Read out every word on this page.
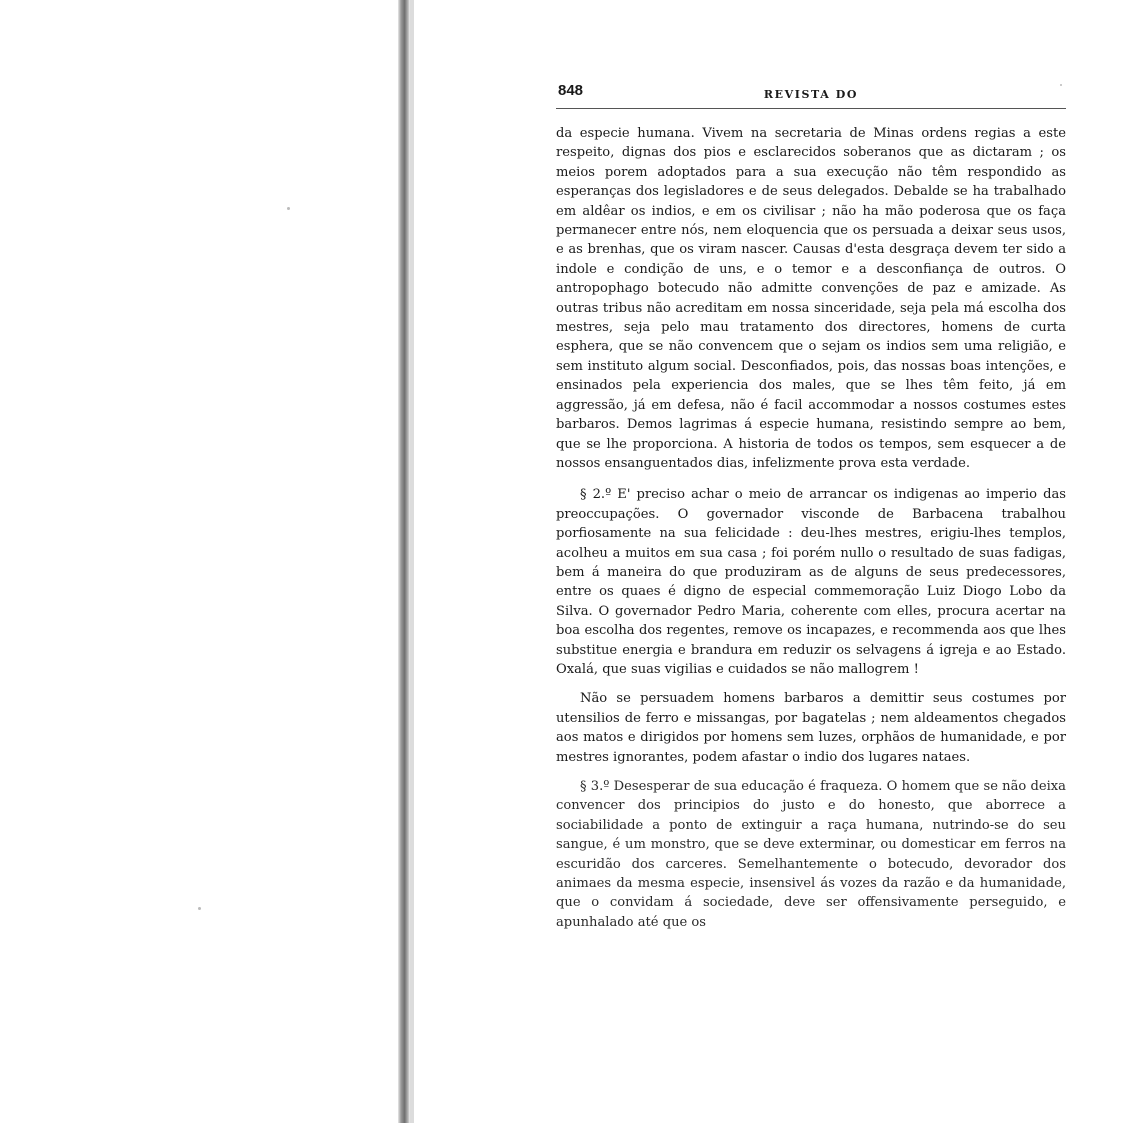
848	REVISTA DO

da especie humana. Vivem na secretaria de Minas ordens regias a este respeito, dignas dos pios e esclarecidos soberanos que as dictaram ; os meios porem adoptados para a sua execução não têm respondido as esperanças dos legisladores e de seus delegados. Debalde se ha trabalhado em aldêar os indios, e em os civilisar ; não ha mão poderosa que os faça permanecer entre nós, nem eloquencia que os persuada a deixar seus usos, e as brenhas, que os viram nascer. Causas d'esta desgraça devem ter sido a indole e condição de uns, e o temor e a desconfiança de outros. O antropophago botecudo não admitte convenções de paz e amizade. As outras tribus não acreditam em nossa sinceridade, seja pela má escolha dos mestres, seja pelo mau tratamento dos directores, homens de curta esphera, que se não convencem que o sejam os indios sem uma religião, e sem instituto algum social. Desconfiados, pois, das nossas boas intenções, e ensinados pela experiencia dos males, que se lhes têm feito, já em aggressão, já em defesa, não é facil accommodar a nossos costumes estes barbaros. Demos lagrimas á especie humana, resistindo sempre ao bem, que se lhe proporciona. A historia de todos os tempos, sem esquecer a de nossos ensanguentados dias, infelizmente prova esta verdade.

§ 2.º E' preciso achar o meio de arrancar os indigenas ao imperio das preoccupações. O governador visconde de Barbacena trabalhou porfiosamente na sua felicidade : deu-lhes mestres, erigiu-lhes templos, acolheu a muitos em sua casa ; foi porém nullo o resultado de suas fadigas, bem á maneira do que produziram as de alguns de seus predecessores, entre os quaes é digno de especial commemoração Luiz Diogo Lobo da Silva. O governador Pedro Maria, coherente com elles, procura acertar na boa escolha dos regentes, remove os incapazes, e recommenda aos que lhes substitue energia e brandura em reduzir os selvagens á igreja e ao Estado. Oxalá, que suas vigilias e cuidados se não mallogrem !

Não se persuadem homens barbaros a demittir seus costumes por utensilios de ferro e missangas, por bagatelas ; nem aldeamentos chegados aos matos e dirigidos por homens sem luzes, orphãos de humanidade, e por mestres ignorantes, podem afastar o indio dos lugares nataes.

§ 3.º Desesperar de sua educação é fraqueza. O homem que se não deixa convencer dos principios do justo e do honesto, que aborrece a sociabilidade a ponto de extinguir a raça humana, nutrindo-se do seu sangue, é um monstro, que se deve exterminar, ou domesticar em ferros na escuridão dos carceres. Semelhantemente o botecudo, devorador dos animaes da mesma especie, insensivel ás vozes da razão e da humanidade, que o convidam á sociedade, deve ser offensivamente perseguido, e apunhalado até que os
